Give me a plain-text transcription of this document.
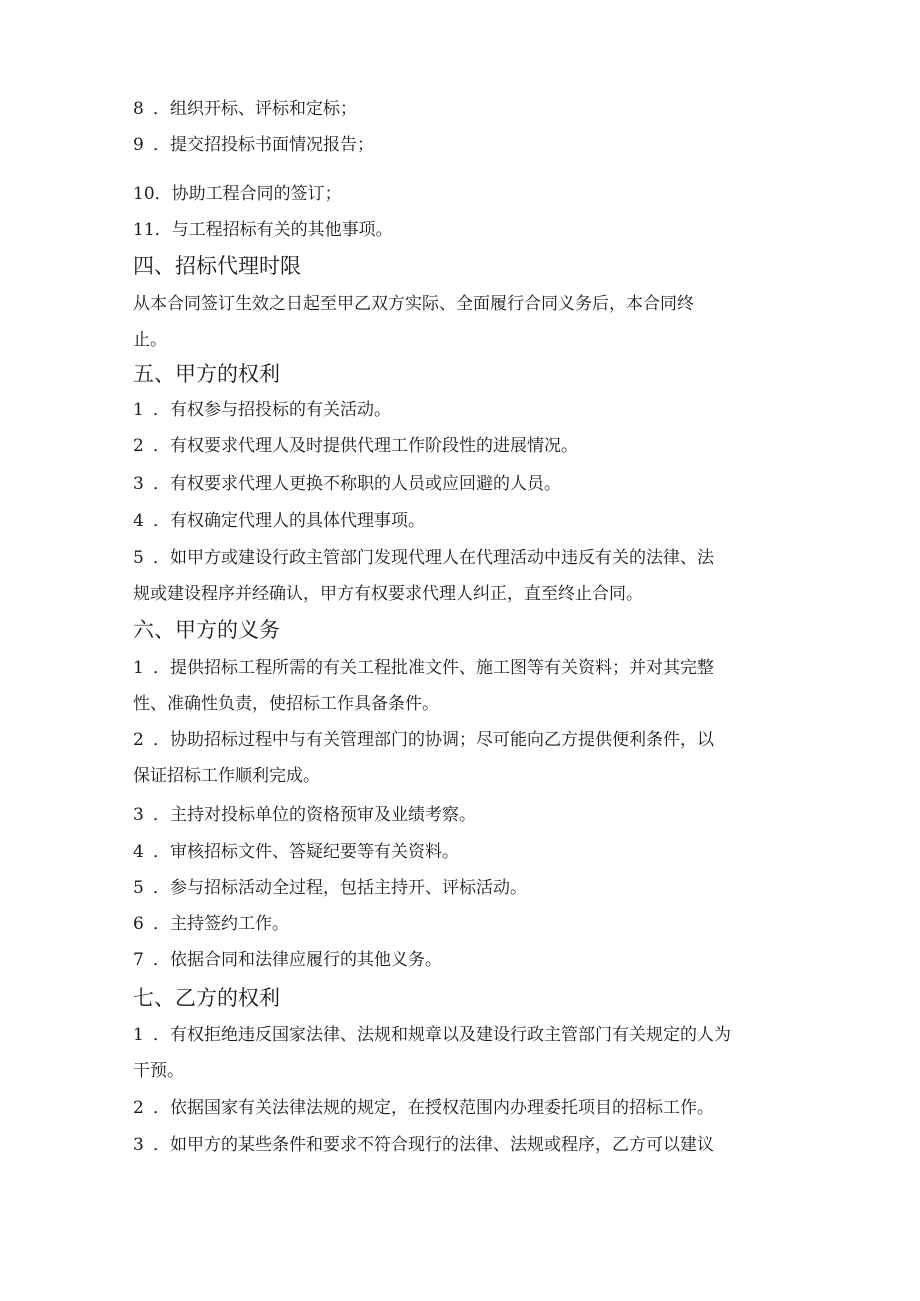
8 ．组织开标、评标和定标；
9 ．提交招投标书面情况报告；
10．协助工程合同的签订；
11．与工程招标有关的其他事项。
四、招标代理时限
从本合同签订生效之日起至甲乙双方实际、全面履行合同义务后，本合同终
止。
五、甲方的权利
1 ．有权参与招投标的有关活动。
2 ．有权要求代理人及时提供代理工作阶段性的进展情况。
3 ．有权要求代理人更换不称职的人员或应回避的人员。
4 ．有权确定代理人的具体代理事项。
5 ．如甲方或建设行政主管部门发现代理人在代理活动中违反有关的法律、法
规或建设程序并经确认，甲方有权要求代理人纠正，直至终止合同。
六、甲方的义务
1 ．提供招标工程所需的有关工程批准文件、施工图等有关资料；并对其完整
性、准确性负责，使招标工作具备条件。
2 ．协助招标过程中与有关管理部门的协调；尽可能向乙方提供便利条件，以
保证招标工作顺利完成。
3 ．主持对投标单位的资格预审及业绩考察。
4 ．审核招标文件、答疑纪要等有关资料。
5 ．参与招标活动全过程，包括主持开、评标活动。
6 ．主持签约工作。
7 ．依据合同和法律应履行的其他义务。
七、乙方的权利
1 ．有权拒绝违反国家法律、法规和规章以及建设行政主管部门有关规定的人为
干预。
2 ．依据国家有关法律法规的规定，在授权范围内办理委托项目的招标工作。
3 ．如甲方的某些条件和要求不符合现行的法律、法规或程序，乙方可以建议
